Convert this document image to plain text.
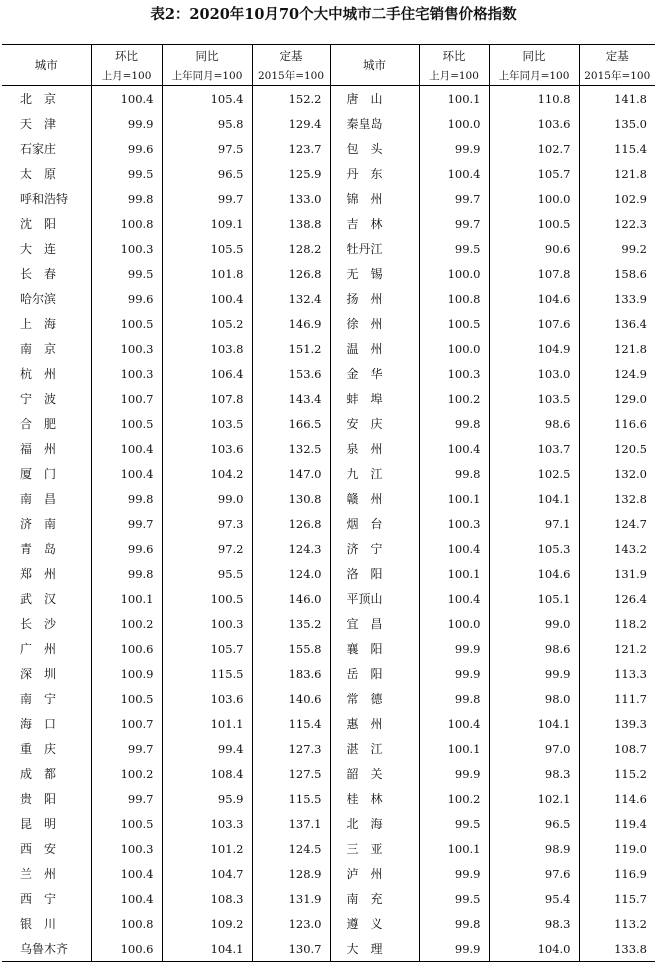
表2：2020年10月70个大中城市二手住宅销售价格指数
城市	环比	同比	定基	城市	环比	同比	定基
	上月=100	上年同月=100	2015年=100		上月=100	上年同月=100	2015年=100
北　京	100.4	105.4	152.2	唐　山	100.1	110.8	141.8
天　津	99.9	95.8	129.4	秦皇岛	100.0	103.6	135.0
石家庄	99.6	97.5	123.7	包　头	99.9	102.7	115.4
太　原	99.5	96.5	125.9	丹　东	100.4	105.7	121.8
呼和浩特	99.8	99.7	133.0	锦　州	99.7	100.0	102.9
沈　阳	100.8	109.1	138.8	吉　林	99.7	100.5	122.3
大　连	100.3	105.5	128.2	牡丹江	99.5	90.6	99.2
长　春	99.5	101.8	126.8	无　锡	100.0	107.8	158.6
哈尔滨	99.6	100.4	132.4	扬　州	100.8	104.6	133.9
上　海	100.5	105.2	146.9	徐　州	100.5	107.6	136.4
南　京	100.3	103.8	151.2	温　州	100.0	104.9	121.8
杭　州	100.3	106.4	153.6	金　华	100.3	103.0	124.9
宁　波	100.7	107.8	143.4	蚌　埠	100.2	103.5	129.0
合　肥	100.5	103.5	166.5	安　庆	99.8	98.6	116.6
福　州	100.4	103.6	132.5	泉　州	100.4	103.7	120.5
厦　门	100.4	104.2	147.0	九　江	99.8	102.5	132.0
南　昌	99.8	99.0	130.8	赣　州	100.1	104.1	132.8
济　南	99.7	97.3	126.8	烟　台	100.3	97.1	124.7
青　岛	99.6	97.2	124.3	济　宁	100.4	105.3	143.2
郑　州	99.8	95.5	124.0	洛　阳	100.1	104.6	131.9
武　汉	100.1	100.5	146.0	平顶山	100.4	105.1	126.4
长　沙	100.2	100.3	135.2	宜　昌	100.0	99.0	118.2
广　州	100.6	105.7	155.8	襄　阳	99.9	98.6	121.2
深　圳	100.9	115.5	183.6	岳　阳	99.9	99.9	113.3
南　宁	100.5	103.6	140.6	常　德	99.8	98.0	111.7
海　口	100.7	101.1	115.4	惠　州	100.4	104.1	139.3
重　庆	99.7	99.4	127.3	湛　江	100.1	97.0	108.7
成　都	100.2	108.4	127.5	韶　关	99.9	98.3	115.2
贵　阳	99.7	95.9	115.5	桂　林	100.2	102.1	114.6
昆　明	100.5	103.3	137.1	北　海	99.5	96.5	119.4
西　安	100.3	101.2	124.5	三　亚	100.1	98.9	119.0
兰　州	100.4	104.7	128.9	泸　州	99.9	97.6	116.9
西　宁	100.4	108.3	131.9	南　充	99.5	95.4	115.7
银　川	100.8	109.2	123.0	遵　义	99.8	98.3	113.2
乌鲁木齐	100.6	104.1	130.7	大　理	99.9	104.0	133.8
